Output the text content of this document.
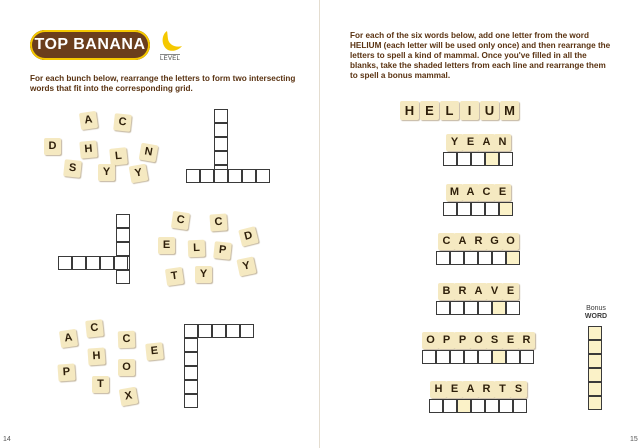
TOP BANANA
LEVEL

For each bunch below, rearrange the letters to form two intersecting words that fit into the corresponding grid.

A	C
D	H
L	N
S	Y	Y
C	C
D
E	L	P
Y
T	Y
A
C
C
E
H
O
P
T
X
14

For each of the six words below, add one letter from the word HELIUM (each letter will be used only once) and then rearrange the letters to spell a kind of mammal. Once you've filled in all the blanks, take the shaded letters from each line and rearrange them to spell a bonus mammal.

H E L	I	U M
Y E A N
M A C E
C A R G O
B R A V E
O P P O S E R
H E A R T S
Bonus
WORD
15
